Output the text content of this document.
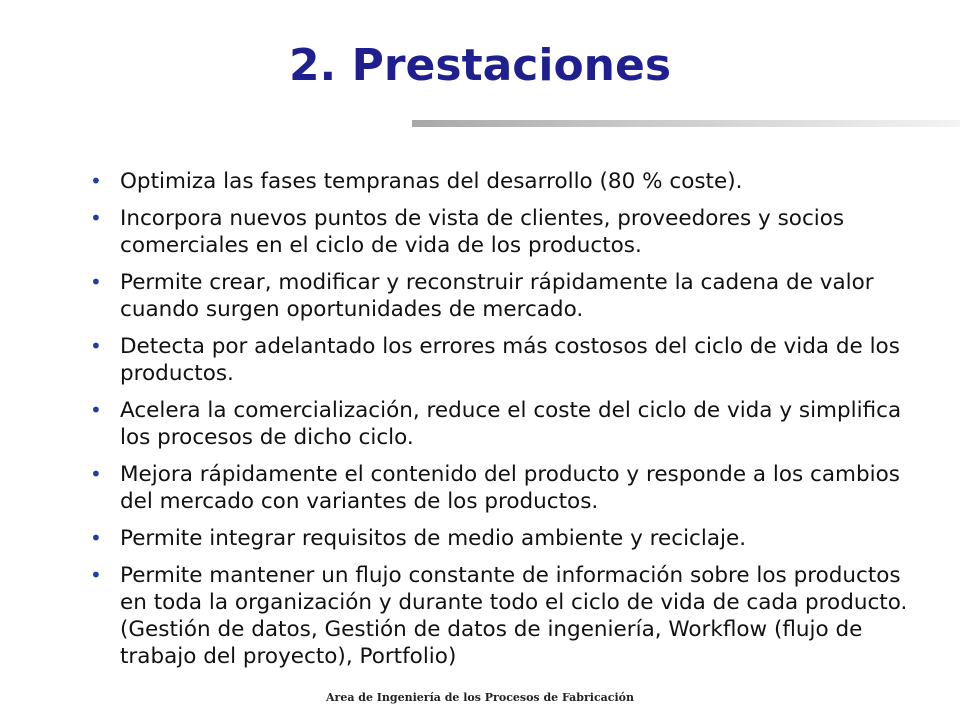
2. Prestaciones
• Optimiza las fases tempranas del desarrollo (80 % coste).
• Incorpora nuevos puntos de vista de clientes, proveedores y socios comerciales en el ciclo de vida de los productos.
• Permite crear, modificar y reconstruir rápidamente la cadena de valor cuando surgen oportunidades de mercado.
• Detecta por adelantado los errores más costosos del ciclo de vida de los productos.
• Acelera la comercialización, reduce el coste del ciclo de vida y simplifica los procesos de dicho ciclo.
• Mejora rápidamente el contenido del producto y responde a los cambios del mercado con variantes de los productos.
• Permite integrar requisitos de medio ambiente y reciclaje.
• Permite mantener un flujo constante de información sobre los productos en toda la organización y durante todo el ciclo de vida de cada producto. (Gestión de datos, Gestión de datos de ingeniería, Workflow (flujo de trabajo del proyecto), Portfolio)
Area de Ingeniería de los Procesos de Fabricación
